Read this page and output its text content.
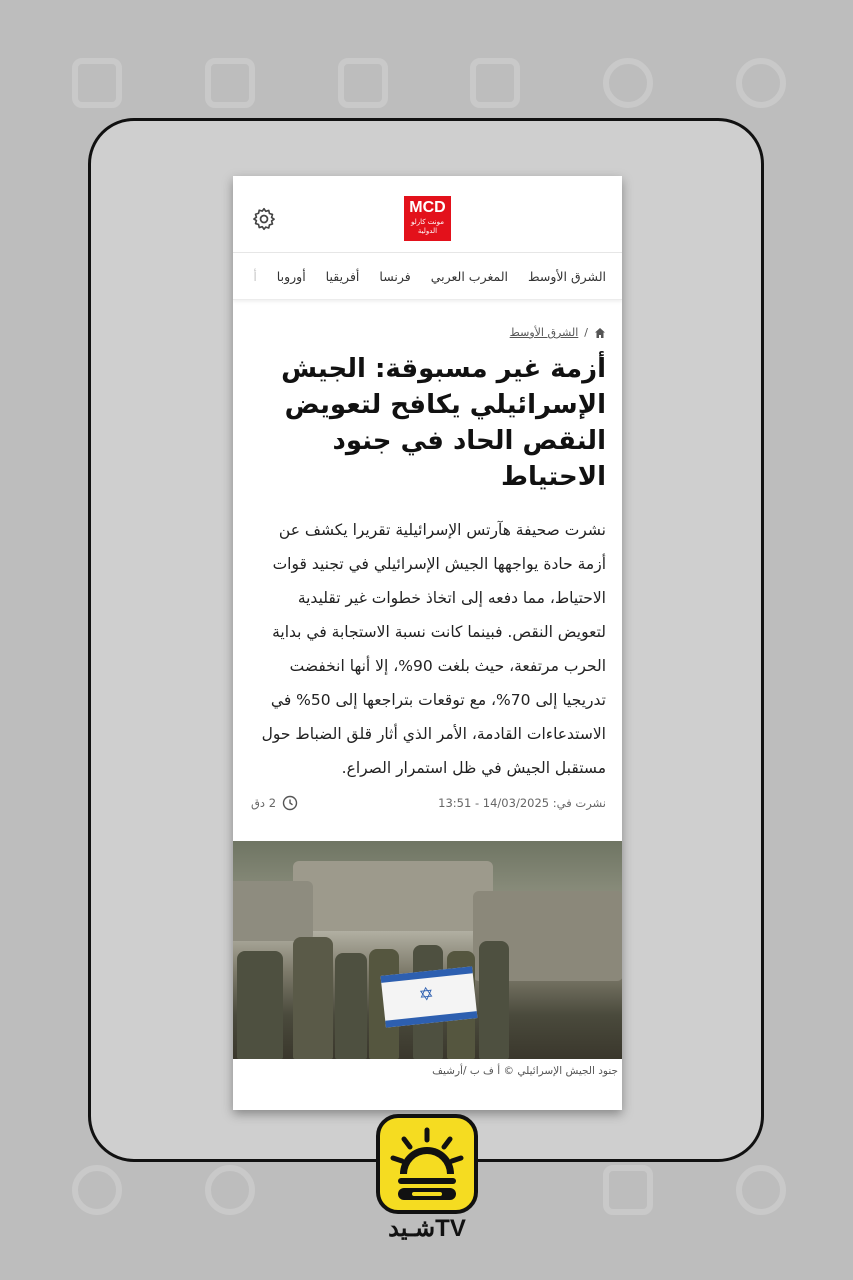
MCD
مونت كارلو الدولية
الشرق الأوسط
المغرب العربي
فرنسا
أفريقيا
أوروبا
أ
/
الشرق الأوسط
أزمة غير مسبوقة: الجيش الإسرائيلي يكافح لتعويض النقص الحاد في جنود الاحتياط

نشرت صحيفة هآرتس الإسرائيلية تقريرا يكشف عن أزمة حادة يواجهها الجيش الإسرائيلي في تجنيد قوات الاحتياط، مما دفعه إلى اتخاذ خطوات غير تقليدية لتعويض النقص. فبينما كانت نسبة الاستجابة في بداية الحرب مرتفعة، حيث بلغت 90%، إلا أنها انخفضت تدريجيا إلى 70%، مع توقعات بتراجعها إلى 50% في الاستدعاءات القادمة، الأمر الذي أثار قلق الضباط حول مستقبل الجيش في ظل استمرار الصراع.

نشرت في: 14/03/2025 - 13:51
2 دق
✡
جنود الجيش الإسرائيلي © أ ف ب /أرشيف
شـيدTV
